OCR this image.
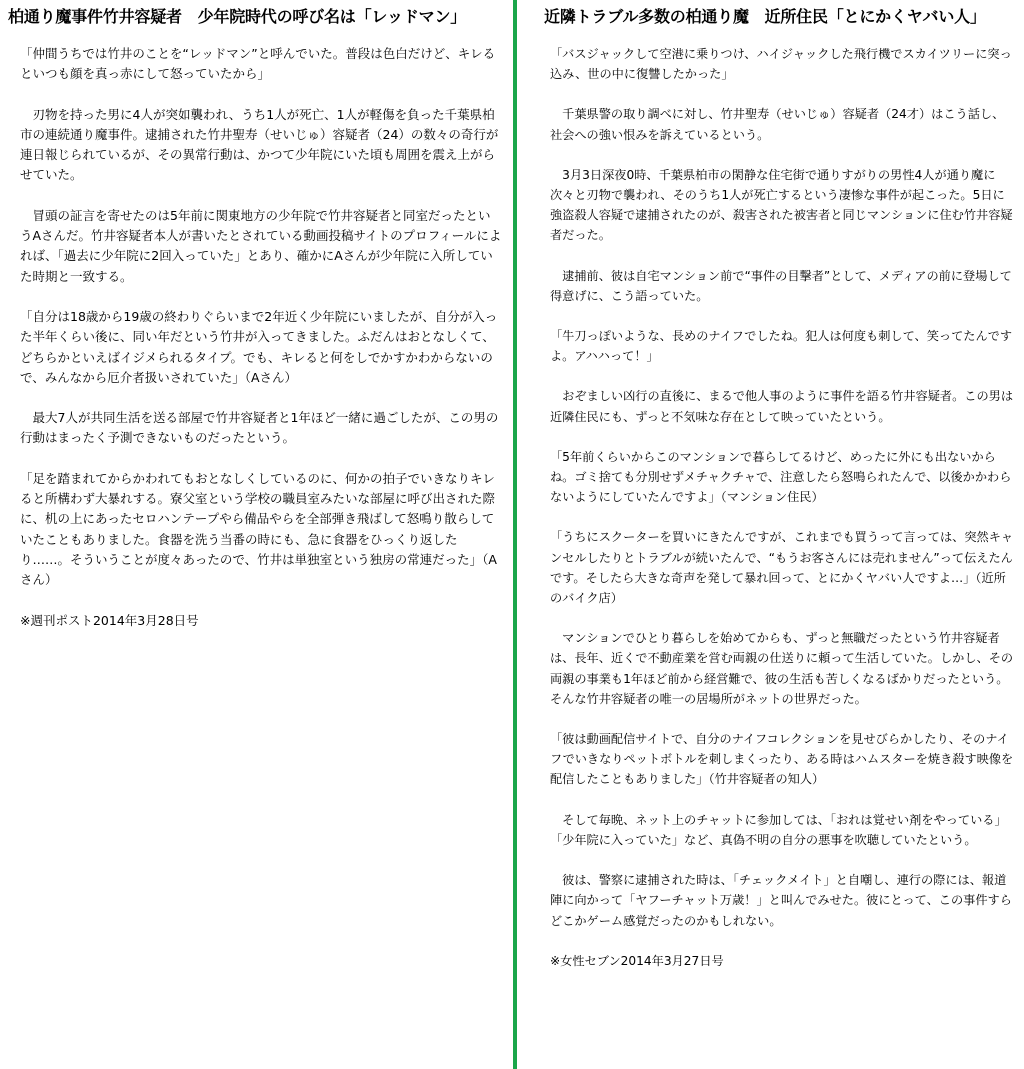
柏通り魔事件竹井容疑者　少年院時代の呼び名は「レッドマン」

「仲間うちでは竹井のことを“レッドマン”と呼んでいた。普段は色白だけど、キレるといつも顔を真っ赤にして怒っていたから」

　刃物を持った男に4人が突如襲われ、うち1人が死亡、1人が軽傷を負った千葉県柏市の連続通り魔事件。逮捕された竹井聖寿（せいじゅ）容疑者（24）の数々の奇行が連日報じられているが、その異常行動は、かつて少年院にいた頃も周囲を震え上がらせていた。

　冒頭の証言を寄せたのは5年前に関東地方の少年院で竹井容疑者と同室だったというAさんだ。竹井容疑者本人が書いたとされている動画投稿サイトのプロフィールによれば、「過去に少年院に2回入っていた」とあり、確かにAさんが少年院に入所していた時期と一致する。

「自分は18歳から19歳の終わりぐらいまで2年近く少年院にいましたが、自分が入った半年くらい後に、同い年だという竹井が入ってきました。ふだんはおとなしくて、どちらかといえばイジメられるタイプ。でも、キレると何をしでかすかわからないので、みんなから厄介者扱いされていた」（Aさん）

　最大7人が共同生活を送る部屋で竹井容疑者と1年ほど一緒に過ごしたが、この男の行動はまったく予測できないものだったという。

「足を踏まれてからかわれてもおとなしくしているのに、何かの拍子でいきなりキレると所構わず大暴れする。寮父室という学校の職員室みたいな部屋に呼び出された際に、机の上にあったセロハンテープやら備品やらを全部弾き飛ばして怒鳴り散らしていたこともありました。食器を洗う当番の時にも、急に食器をひっくり返したり……。そういうことが度々あったので、竹井は単独室という独房の常連だった」（Aさん）

※週刊ポスト2014年3月28日号

近隣トラブル多数の柏通り魔　近所住民「とにかくヤバい人」

「バスジャックして空港に乗りつけ、ハイジャックした飛行機でスカイツリーに突っ込み、世の中に復讐したかった」

　千葉県警の取り調べに対し、竹井聖寿（せいじゅ）容疑者（24才）はこう話し、社会への強い恨みを訴えているという。

　3月3日深夜0時、千葉県柏市の閑静な住宅街で通りすがりの男性4人が通り魔に次々と刃物で襲われ、そのうち1人が死亡するという凄惨な事件が起こった。5日に強盗殺人容疑で逮捕されたのが、殺害された被害者と同じマンションに住む竹井容疑者だった。

　逮捕前、彼は自宅マンション前で“事件の目撃者”として、メディアの前に登場して得意げに、こう語っていた。

「牛刀っぽいような、長めのナイフでしたね。犯人は何度も刺して、笑ってたんですよ。アハハって！」

　おぞましい凶行の直後に、まるで他人事のように事件を語る竹井容疑者。この男は近隣住民にも、ずっと不気味な存在として映っていたという。

「5年前くらいからこのマンションで暮らしてるけど、めったに外にも出ないからね。ゴミ捨ても分別せずメチャクチャで、注意したら怒鳴られたんで、以後かかわらないようにしていたんですよ」（マンション住民）

「うちにスクーターを買いにきたんですが、これまでも買うって言っては、突然キャンセルしたりとトラブルが続いたんで、“もうお客さんには売れません”って伝えたんです。そしたら大きな奇声を発して暴れ回って、とにかくヤバい人ですよ…」（近所のバイク店）

　マンションでひとり暮らしを始めてからも、ずっと無職だったという竹井容疑者は、長年、近くで不動産業を営む両親の仕送りに頼って生活していた。しかし、その両親の事業も1年ほど前から経営難で、彼の生活も苦しくなるばかりだったという。そんな竹井容疑者の唯一の居場所がネットの世界だった。

「彼は動画配信サイトで、自分のナイフコレクションを見せびらかしたり、そのナイフでいきなりペットボトルを刺しまくったり、ある時はハムスターを焼き殺す映像を配信したこともありました」（竹井容疑者の知人）

　そして毎晩、ネット上のチャットに参加しては、「おれは覚せい剤をやっている」「少年院に入っていた」など、真偽不明の自分の悪事を吹聴していたという。

　彼は、警察に逮捕された時は、「チェックメイト」と自嘲し、連行の際には、報道陣に向かって「ヤフーチャット万歳！」と叫んでみせた。彼にとって、この事件すらどこかゲーム感覚だったのかもしれない。

※女性セブン2014年3月27日号
